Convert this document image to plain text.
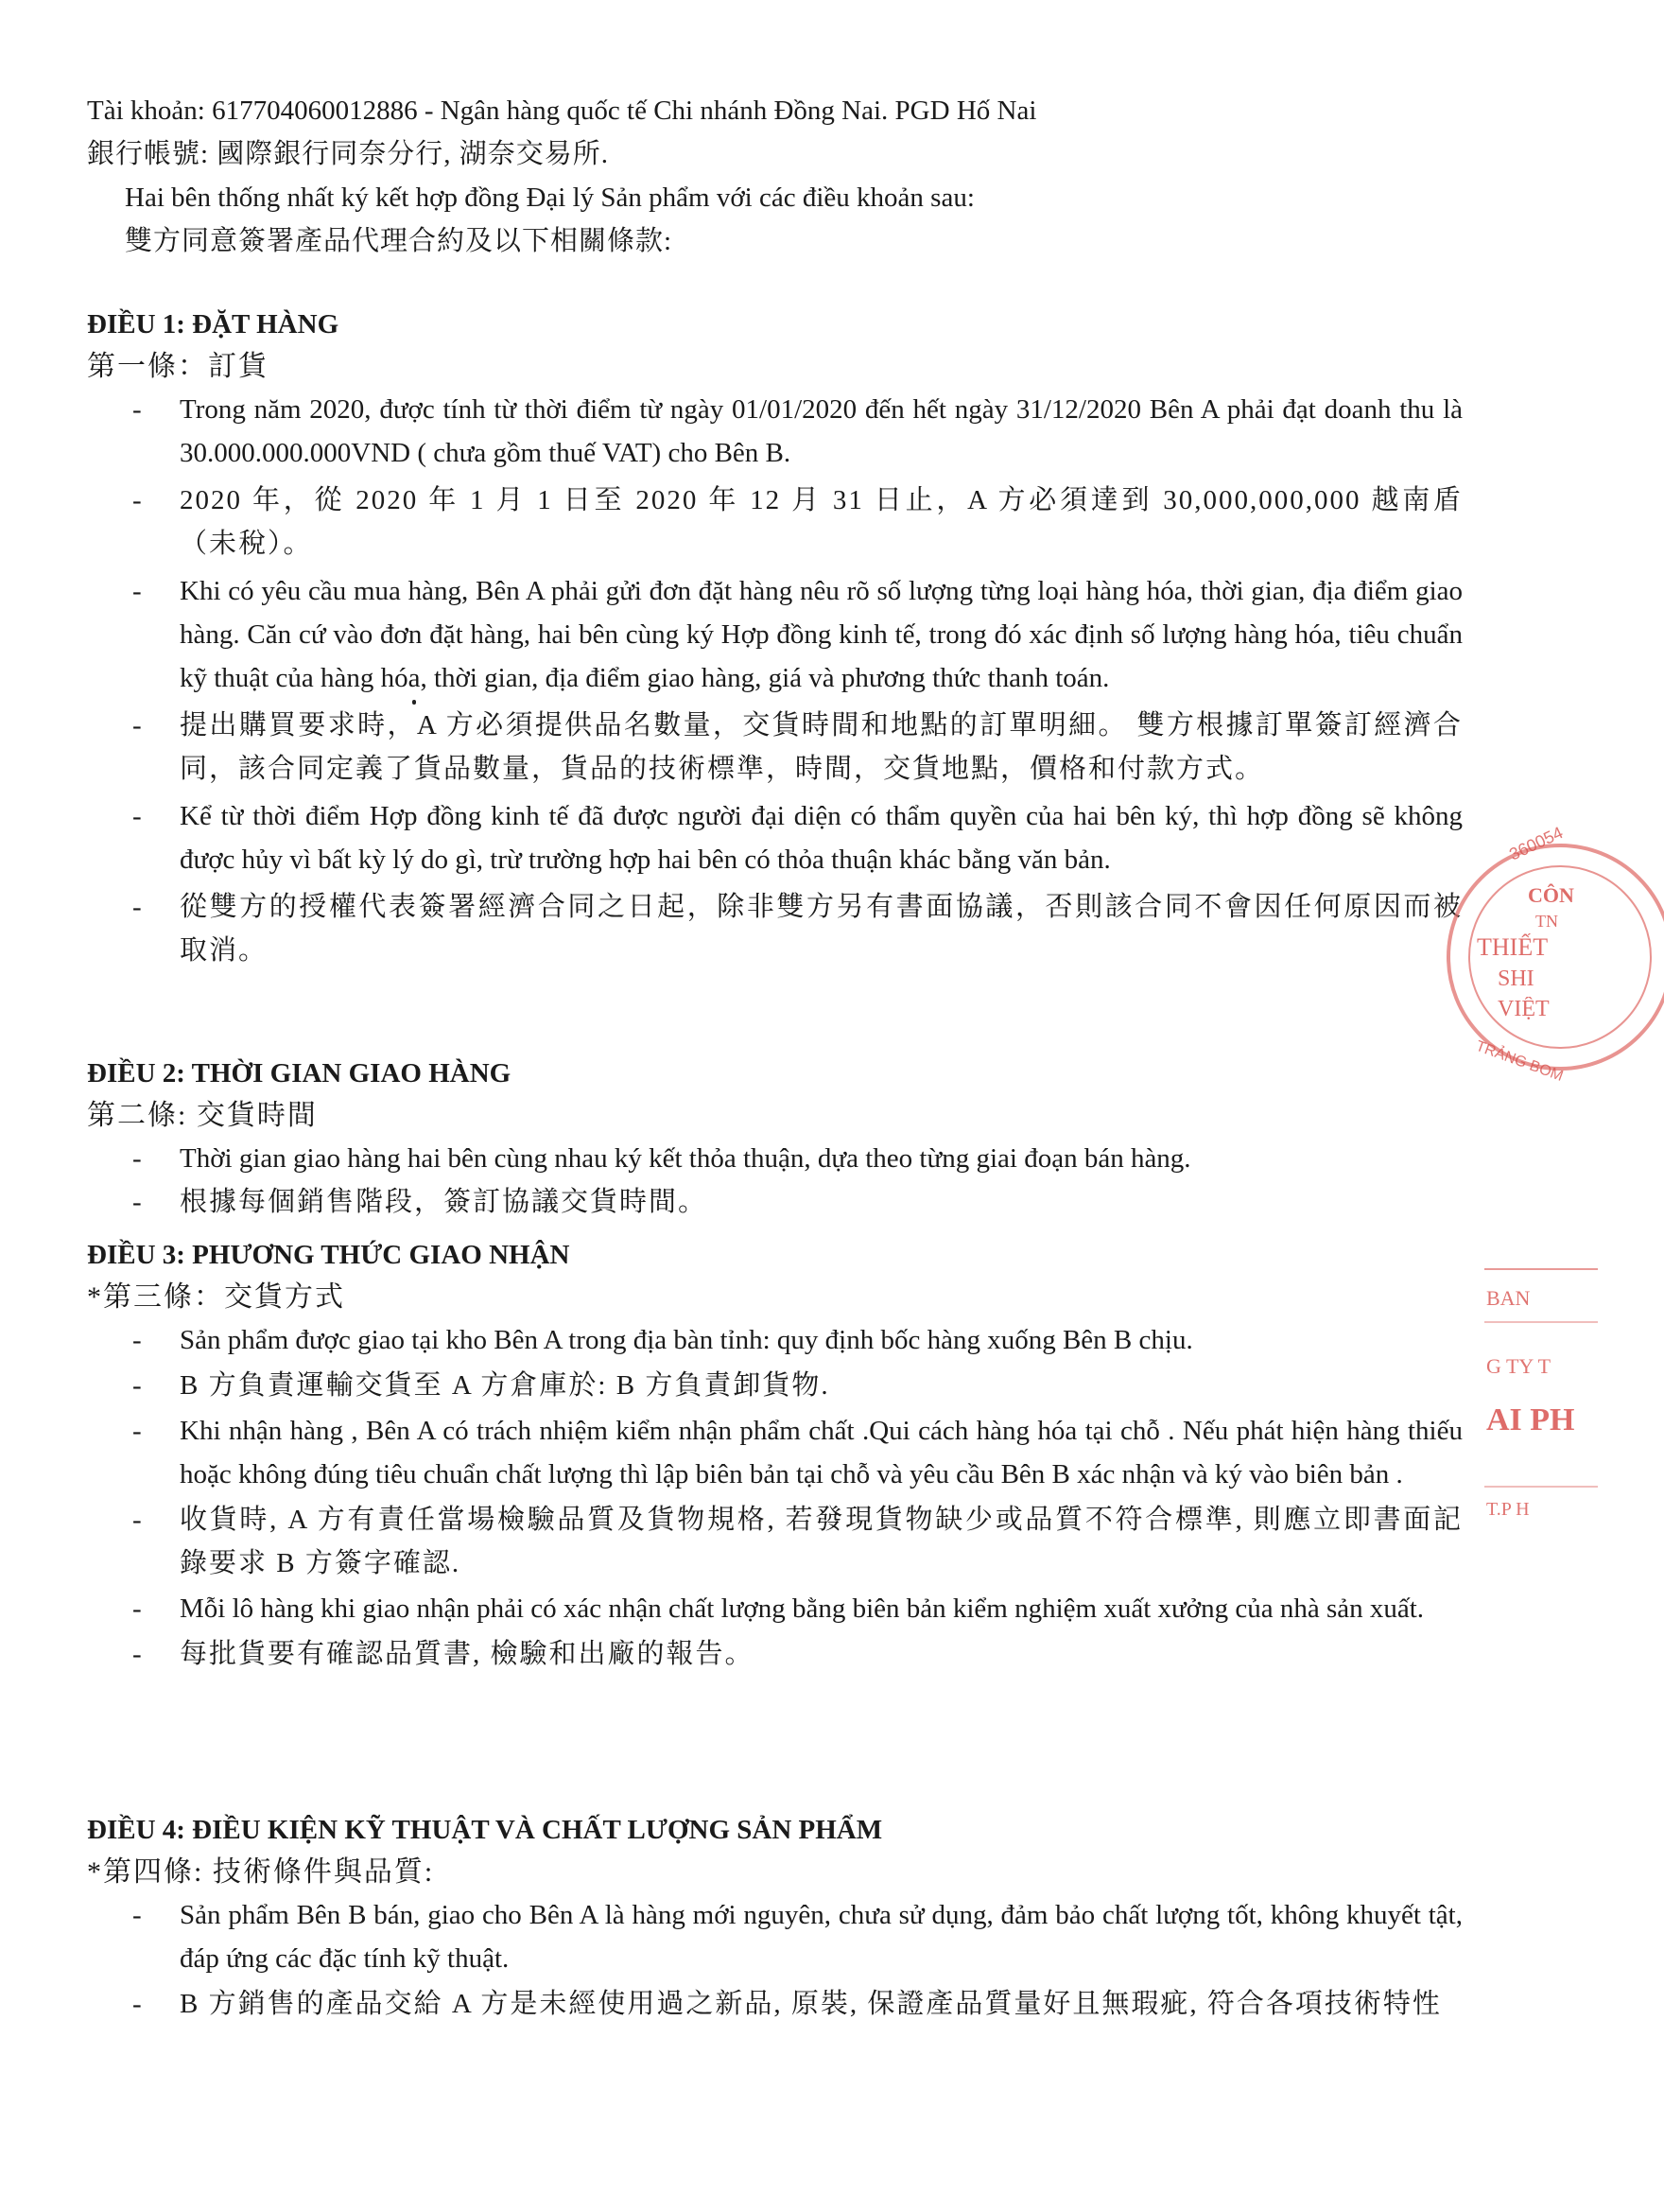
Tài khoản: 617704060012886 - Ngân hàng quốc tế Chi nhánh Đồng Nai. PGD Hố Nai

銀行帳號: 國際銀行同奈分行, 湖奈交易所.

Hai bên thống nhất ký kết hợp đồng Đại lý Sản phẩm với các điều khoản sau:

雙方同意簽署產品代理合約及以下相關條款:

ĐIỀU 1: ĐẶT HÀNG

第一條：訂貨

- Trong năm 2020, được tính từ thời điểm từ ngày 01/01/2020 đến hết ngày 31/12/2020 Bên A phải đạt doanh thu là 30.000.000.000VND ( chưa gồm thuế VAT) cho Bên B.
- 2020 年，從 2020 年 1 月 1 日至 2020 年 12 月 31 日止，A 方必須達到 30,000,000,000 越南盾（未稅）。
- Khi có yêu cầu mua hàng, Bên A phải gửi đơn đặt hàng nêu rõ số lượng từng loại hàng hóa, thời gian, địa điểm giao hàng. Căn cứ vào đơn đặt hàng, hai bên cùng ký Hợp đồng kinh tế, trong đó xác định số lượng hàng hóa, tiêu chuẩn kỹ thuật của hàng hóa, thời gian, địa điểm giao hàng, giá và phương thức thanh toán.
- 提出購買要求時，A 方必須提供品名數量，交貨時間和地點的訂單明細。 雙方根據訂單簽訂經濟合同，該合同定義了貨品數量，貨品的技術標準，時間，交貨地點，價格和付款方式。
- Kể từ thời điểm Hợp đồng kinh tế đã được người đại diện có thẩm quyền của hai bên ký, thì hợp đồng sẽ không được hủy vì bất kỳ lý do gì, trừ trường hợp hai bên có thỏa thuận khác bằng văn bản.
- 從雙方的授權代表簽署經濟合同之日起，除非雙方另有書面協議，否則該合同不會因任何原因而被取消。

ĐIỀU 2: THỜI GIAN GIAO HÀNG

第二條: 交貨時間

- Thời gian giao hàng hai bên cùng nhau ký kết thỏa thuận, dựa theo từng giai đoạn bán hàng.
- 根據每個銷售階段，簽訂協議交貨時間。

ĐIỀU 3: PHƯƠNG THỨC GIAO NHẬN

*第三條：交貨方式

- Sản phẩm được giao tại kho Bên A trong địa bàn tỉnh: quy định bốc hàng xuống Bên B chịu.
- B 方負責運輸交貨至 A 方倉庫於: B 方負責卸貨物.
- Khi nhận hàng , Bên A có trách nhiệm kiểm nhận phẩm chất .Qui cách hàng hóa tại chỗ . Nếu phát hiện hàng thiếu hoặc không đúng tiêu chuẩn chất lượng thì lập biên bản tại chỗ và yêu cầu Bên B xác nhận và ký vào biên bản .
- 收貨時, A 方有責任當場檢驗品質及貨物規格, 若發現貨物缺少或品質不符合標準, 則應立即書面記錄要求 B 方簽字確認.
- Mỗi lô hàng khi giao nhận phải có xác nhận chất lượng bằng biên bản kiểm nghiệm xuất xưởng của nhà sản xuất.
- 每批貨要有確認品質書, 檢驗和出廠的報告。

ĐIỀU 4: ĐIỀU KIỆN KỸ THUẬT VÀ CHẤT LƯỢNG SẢN PHẨM

*第四條: 技術條件與品質:

- Sản phẩm Bên B bán, giao cho Bên A là hàng mới nguyên, chưa sử dụng, đảm bảo chất lượng tốt, không khuyết tật, đáp ứng các đặc tính kỹ thuật.
- B 方銷售的產品交給 A 方是未經使用過之新品, 原裝, 保證產品質量好且無瑕疵, 符合各項技術特性
360054
CÔN
TN
THIẾT
SHI
VIỆT
TRẢNG BOM
BAN
G TY T
AI PH
T.P H
